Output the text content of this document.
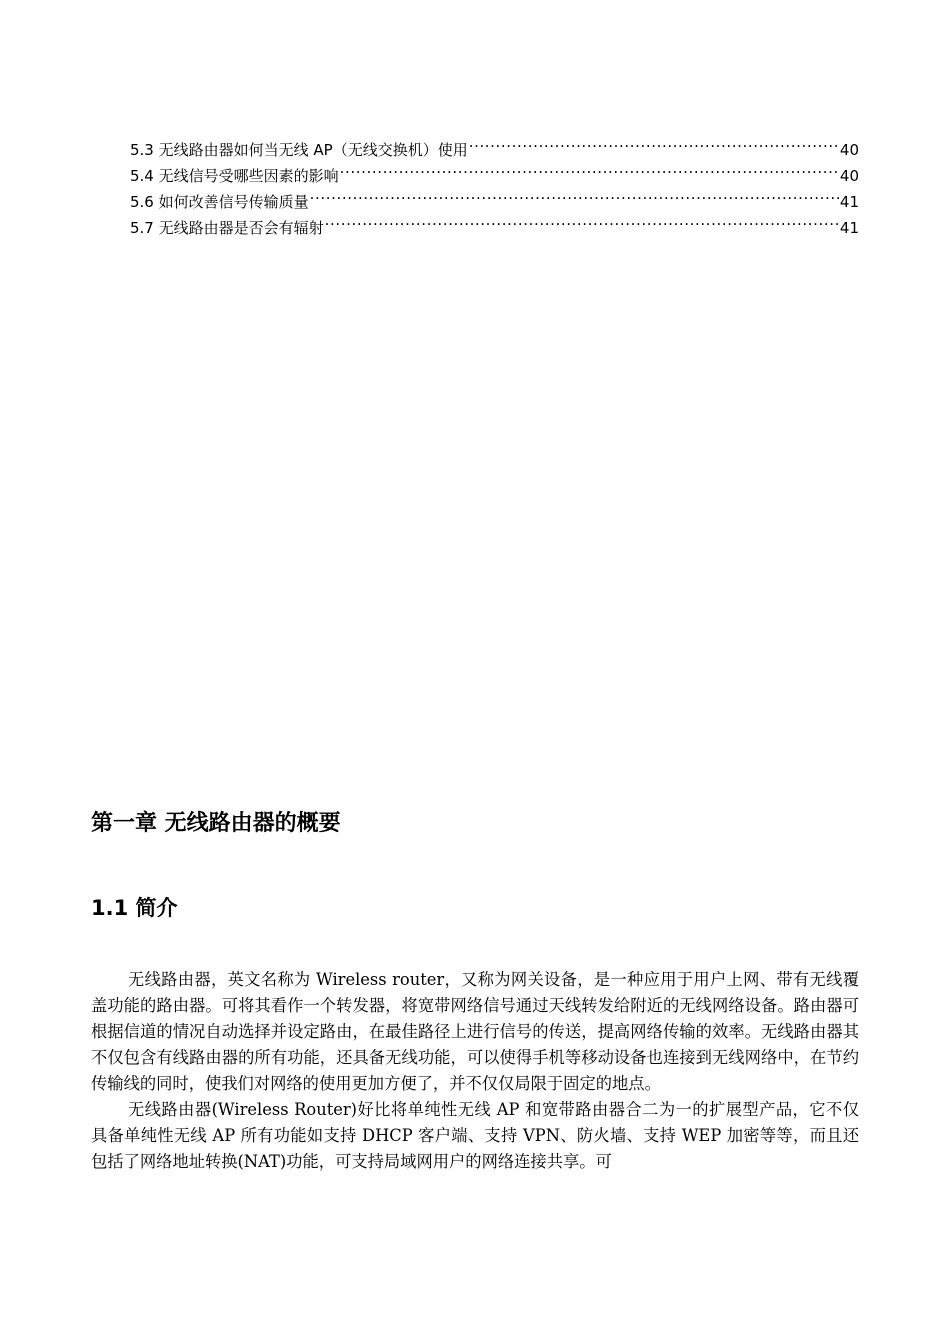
5.3 无线路由器如何当无线 AP（无线交换机）使用 .....	40
5.4 无线信号受哪些因素的影响 .....	40
5.6 如何改善信号传输质量 .....	41
5.7 无线路由器是否会有辐射 .....	41
第一章 无线路由器的概要
1.1 简介

无线路由器，英文名称为 Wireless router，又称为网关设备，是一种应用于用户上网、带有无线覆盖功能的路由器。可将其看作一个转发器，将宽带网络信号通过天线转发给附近的无线网络设备。路由器可根据信道的情况自动选择并设定路由，在最佳路径上进行信号的传送，提高网络传输的效率。无线路由器其不仅包含有线路由器的所有功能，还具备无线功能，可以使得手机等移动设备也连接到无线网络中，在节约传输线的同时，使我们对网络的使用更加方便了，并不仅仅局限于固定的地点。

无线路由器(Wireless Router)好比将单纯性无线 AP 和宽带路由器合二为一的扩展型产品，它不仅具备单纯性无线 AP 所有功能如支持 DHCP 客户端、支持 VPN、防火墙、支持 WEP 加密等等，而且还包括了网络地址转换(NAT)功能，可支持局域网用户的网络连接共享。可
